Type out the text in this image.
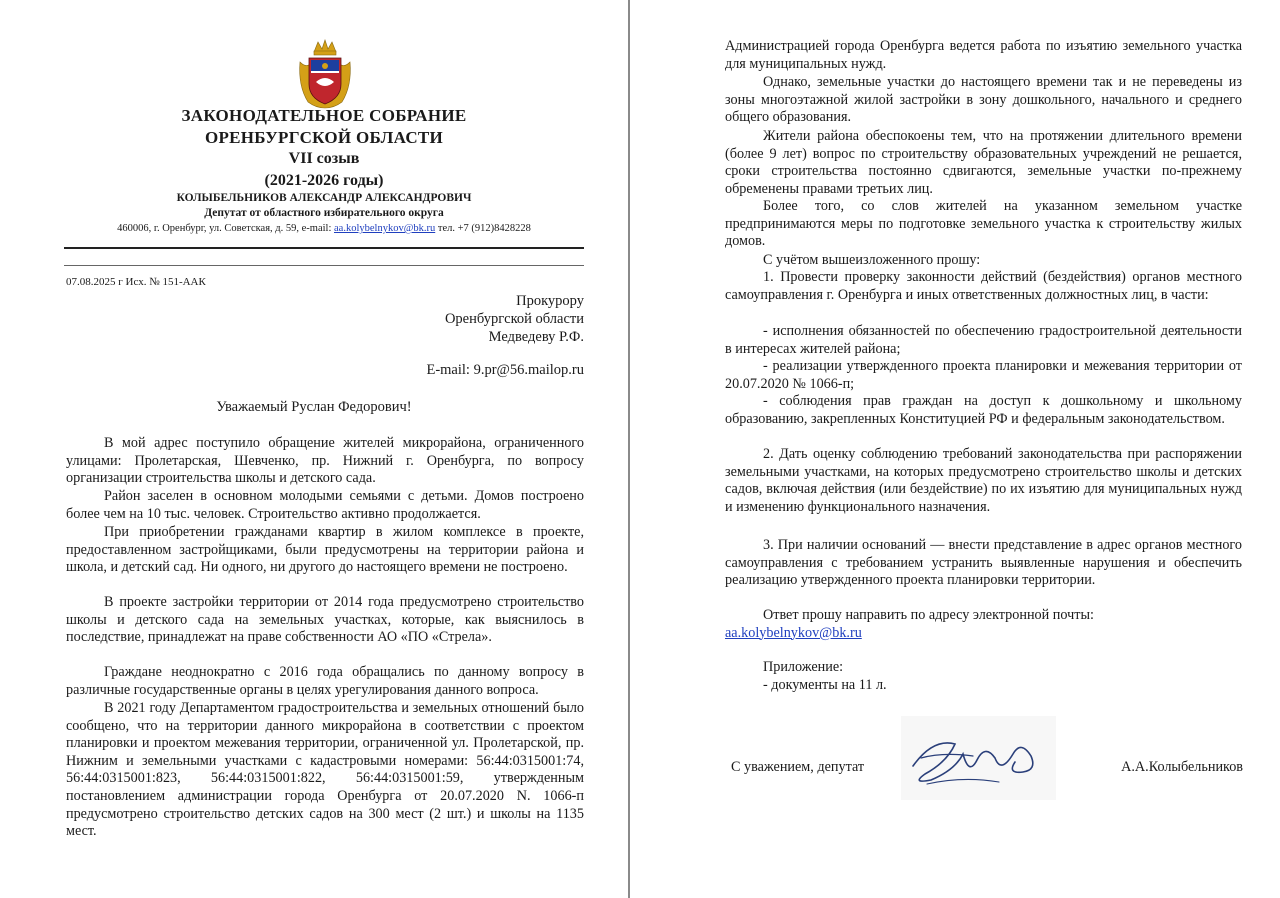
ЗАКОНОДАТЕЛЬНОЕ СОБРАНИЕ
ОРЕНБУРГСКОЙ ОБЛАСТИ
VII созыв
(2021-2026 годы)
КОЛЫБЕЛЬНИКОВ АЛЕКСАНДР АЛЕКСАНДРОВИЧ
Депутат от областного избирательного округа
460006, г. Оренбург, ул. Советская, д. 59, e-mail: aa.kolybelnykov@bk.ru тел. +7 (912)8428228
07.08.2025 г Исх. № 151-ААК
Прокурору
Оренбургской области
Медведеву Р.Ф.
E-mail: 9.pr@56.mailop.ru
Уважаемый Руслан Федорович!

В мой адрес поступило обращение жителей микрорайона, ограниченного улицами: Пролетарская, Шевченко, пр. Нижний г. Оренбурга, по вопросу организации строительства школы и детского сада.

Район заселен в основном молодыми семьями с детьми. Домов построено более чем на 10 тыс. человек. Строительство активно продолжается.

При приобретении гражданами квартир в жилом комплексе в проекте, предоставленном застройщиками, были предусмотрены на территории района и школа, и детский сад. Ни одного, ни другого до настоящего времени не построено.

В проекте застройки территории от 2014 года предусмотрено строительство школы и детского сада на земельных участках, которые, как выяснилось в последствие, принадлежат на праве собственности АО «ПО «Стрела».

Граждане неоднократно с 2016 года обращались по данному вопросу в различные государственные органы в целях урегулирования данного вопроса.

В 2021 году Департаментом градостроительства и земельных отношений было сообщено, что на территории данного микрорайона в соответствии с проектом планировки и проектом межевания территории, ограниченной ул. Пролетарской, пр. Нижним и земельными участками с кадастровыми номерами: 56:44:0315001:74, 56:44:0315001:823, 56:44:0315001:822, 56:44:0315001:59, утвержденным постановлением администрации города Оренбурга от 20.07.2020 N. 1066-п предусмотрено строительство детских садов на 300 мест (2 шт.) и школы на 1135 мест.

Администрацией города Оренбурга ведется работа по изъятию земельного участка для муниципальных нужд.

Однако, земельные участки до настоящего времени так и не переведены из зоны многоэтажной жилой застройки в зону дошкольного, начального и среднего общего образования.

Жители района обеспокоены тем, что на протяжении длительного времени (более 9 лет) вопрос по строительству образовательных учреждений не решается, сроки строительства постоянно сдвигаются, земельные участки по-прежнему обременены правами третьих лиц.

Более того, со слов жителей на указанном земельном участке предпринимаются меры по подготовке земельного участка к строительству жилых домов.

С учётом вышеизложенного прошу:

1. Провести проверку законности действий (бездействия) органов местного самоуправления г. Оренбурга и иных ответственных должностных лиц, в части:

- исполнения обязанностей по обеспечению градостроительной деятельности в интересах жителей района;

- реализации утвержденного проекта планировки и межевания территории от 20.07.2020 № 1066-п;

- соблюдения прав граждан на доступ к дошкольному и школьному образованию, закрепленных Конституцией РФ и федеральным законодательством.

2. Дать оценку соблюдению требований законодательства при распоряжении земельными участками, на которых предусмотрено строительство школы и детских садов, включая действия (или бездействие) по их изъятию для муниципальных нужд и изменению функционального назначения.

3. При наличии оснований — внести представление в адрес органов местного самоуправления с требованием устранить выявленные нарушения и обеспечить реализацию утвержденного проекта планировки территории.

Ответ прошу направить по адресу электронной почты:
aa.kolybelnykov@bk.ru

Приложение:
- документы на 11 л.
С уважением, депутат	А.А.Колыбельников
